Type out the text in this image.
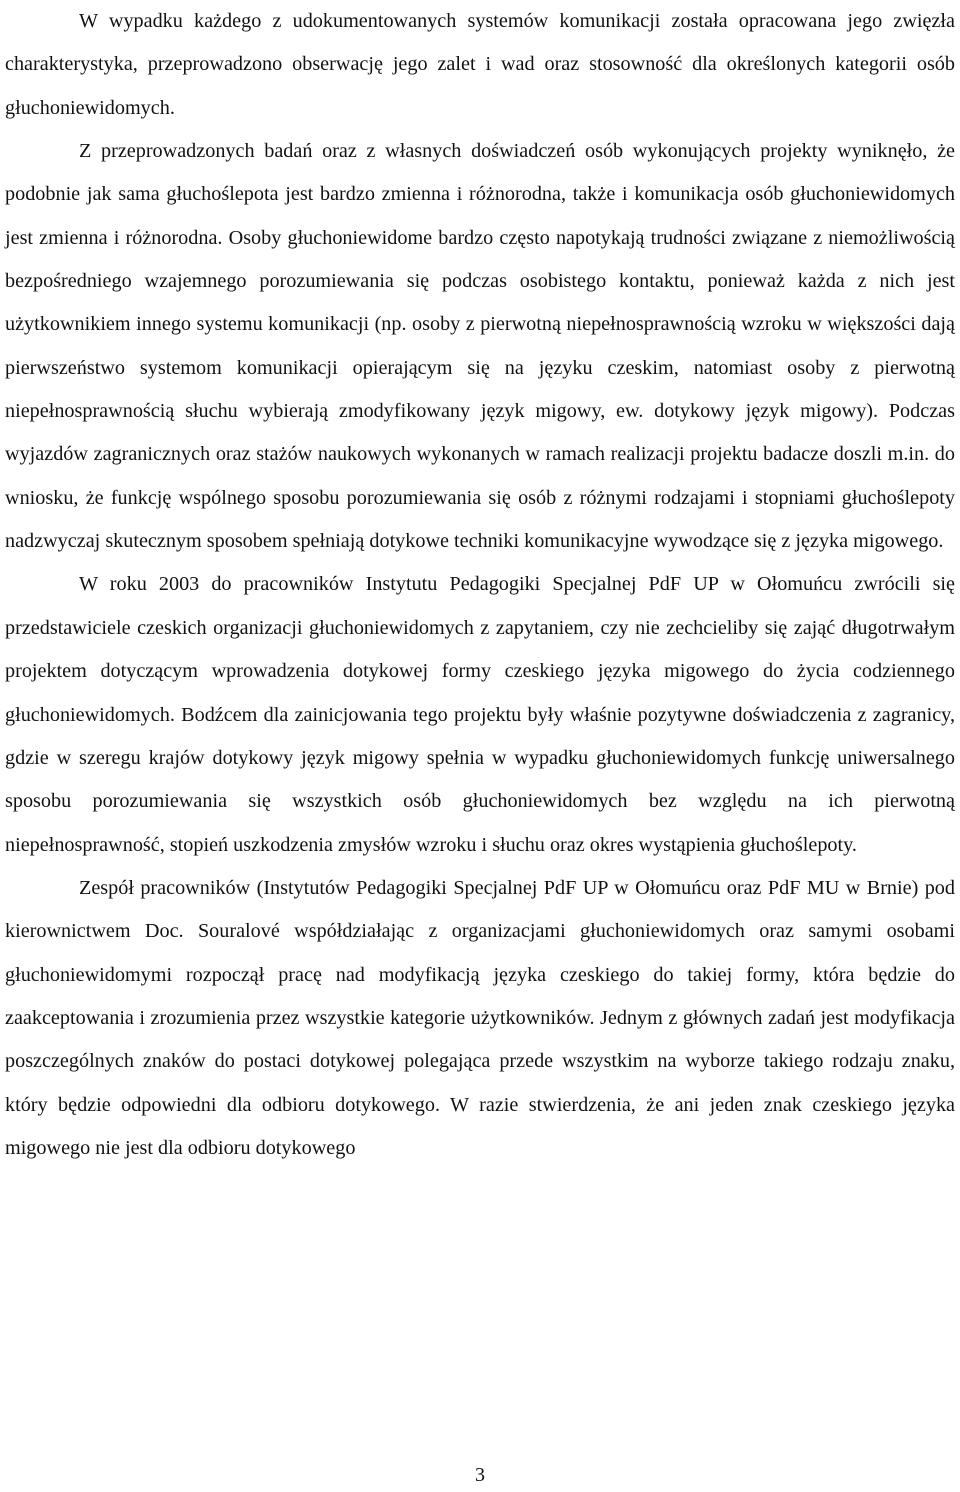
W wypadku każdego z udokumentowanych systemów komunikacji została opracowana jego zwięzła charakterystyka, przeprowadzono obserwację jego zalet i wad oraz stosowność dla określonych kategorii osób głuchoniewidomych.

Z przeprowadzonych badań oraz z własnych doświadczeń osób wykonujących projekty wyniknęło, że podobnie jak sama głuchoślepota jest bardzo zmienna i różnorodna, także i komunikacja osób głuchoniewidomych jest zmienna i różnorodna. Osoby głuchoniewidome bardzo często napotykają trudności związane z niemożliwością bezpośredniego wzajemnego porozumiewania się podczas osobistego kontaktu, ponieważ każda z nich jest użytkownikiem innego systemu komunikacji (np. osoby z pierwotną niepełnosprawnością wzroku w większości dają pierwszeństwo systemom komunikacji opierającym się na języku czeskim, natomiast osoby z pierwotną niepełnosprawnością słuchu wybierają zmodyfikowany język migowy, ew. dotykowy język migowy). Podczas wyjazdów zagranicznych oraz stażów naukowych wykonanych w ramach realizacji projektu badacze doszli m.in. do wniosku, że funkcję wspólnego sposobu porozumiewania się osób z różnymi rodzajami i stopniami głuchoślepoty nadzwyczaj skutecznym sposobem spełniają dotykowe techniki komunikacyjne wywodzące się z języka migowego.

W roku 2003 do pracowników Instytutu Pedagogiki Specjalnej PdF UP w Ołomuńcu zwrócili się przedstawiciele czeskich organizacji głuchoniewidomych z zapytaniem, czy nie zechcieliby się zająć długotrwałym projektem dotyczącym wprowadzenia dotykowej formy czeskiego języka migowego do życia codziennego głuchoniewidomych. Bodźcem dla zainicjowania tego projektu były właśnie pozytywne doświadczenia z zagranicy, gdzie w szeregu krajów dotykowy język migowy spełnia w wypadku głuchoniewidomych funkcję uniwersalnego sposobu porozumiewania się wszystkich osób głuchoniewidomych bez względu na ich pierwotną niepełnosprawność, stopień uszkodzenia zmysłów wzroku i słuchu oraz okres wystąpienia głuchoślepoty.

Zespół pracowników (Instytutów Pedagogiki Specjalnej PdF UP w Ołomuńcu oraz PdF MU w Brnie) pod kierownictwem Doc. Souralové współdziałając z organizacjami głuchoniewidomych oraz samymi osobami głuchoniewidomymi rozpoczął pracę nad modyfikacją języka czeskiego do takiej formy, która będzie do zaakceptowania i zrozumienia przez wszystkie kategorie użytkowników. Jednym z głównych zadań jest modyfikacja poszczególnych znaków do postaci dotykowej polegająca przede wszystkim na wyborze takiego rodzaju znaku, który będzie odpowiedni dla odbioru dotykowego. W razie stwierdzenia, że ani jeden znak czeskiego języka migowego nie jest dla odbioru dotykowego

3
